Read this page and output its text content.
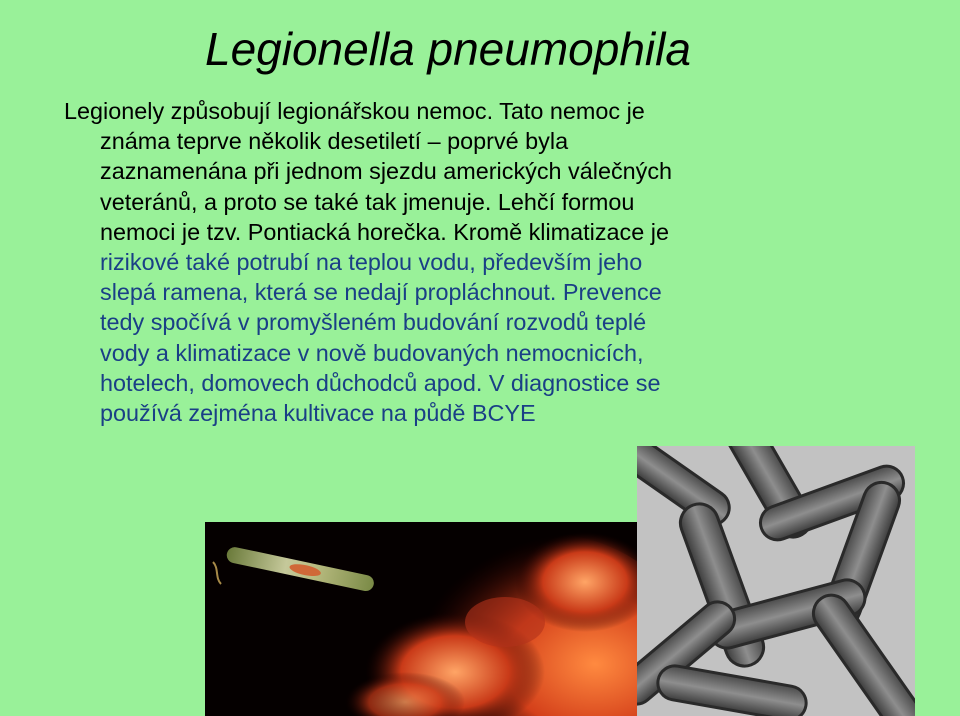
Legionella pneumophila
Legionely způsobují legionářskou nemoc. Tato nemoc je
známa teprve několik desetiletí – poprvé byla
zaznamenána při jednom sjezdu amerických válečných
veteránů, a proto se také tak jmenuje. Lehčí formou
nemoci je tzv. Pontiacká horečka. Kromě klimatizace je
rizikové také potrubí na teplou vodu, především jeho
slepá ramena, která se nedají propláchnout. Prevence
tedy spočívá v promyšleném budování rozvodů teplé
vody a klimatizace v nově budovaných nemocnicích,
hotelech, domovech důchodců apod. V diagnostice se
používá zejména kultivace na půdě BCYE
